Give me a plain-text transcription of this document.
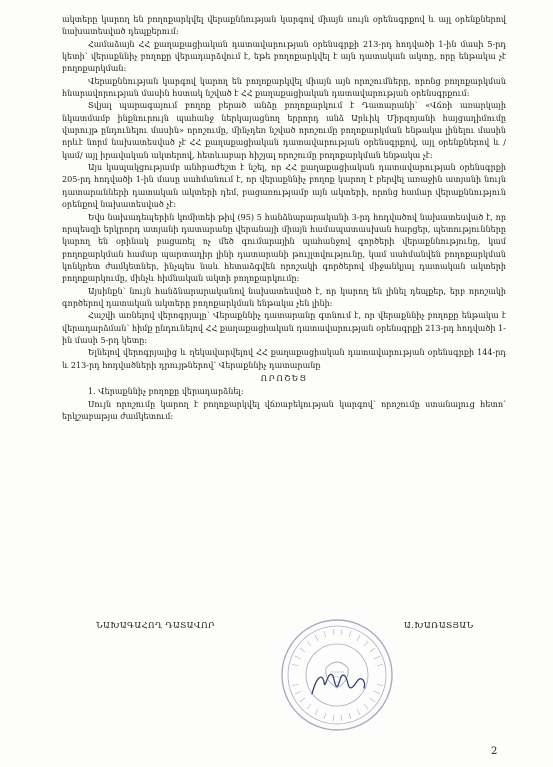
ակտերը կարող են բողոքարկվել վերաքննության կարգով միայն սույն օրենսգրքով և այլ օրենքներով նախատեսված դեպքերում:

Համաձայն ՀՀ քաղաքացիական դատավարության օրենսգրքի 213-րդ հոդվածի 1-ին մասի 5-րդ կետի՝ վերաքննիչ բողոքը վերադարձվում է, եթե բողոքարկվել է այն դատական ակտը, որը ենթակա չէ բողոքարկման:

Վերաքննության կարգով կարող են բողոքարկվել միայն այն որոշումները, որոնց բողոքարկման հնարավորության մասին հստակ նշված է ՀՀ քաղաքացիական դատավարության օրենսգրքում:

Տվյալ պարագայում բողոք բերած անձը բողոքարկում է Դատարանի՝ «Վճռի առարկայի նկատմամբ ինքնուրույն պահանջ ներկայացնող երրորդ անձ Արևիկ Միրզոյանի հայցադիմումը վարույթ ընդունելու մասին» որոշումը, մինչդեռ նշված որոշումը բողոքարկման ենթակա լինելու մասին որևէ նորմ նախատեսված չէ ՀՀ քաղաքացիական դատավարության օրենսգրքով, այլ օրենքներով և /կամ/ այլ իրավական ակտերով, հետևաբար հիշյալ որոշումը բողոքարկման ենթակա չէ:

Այս կապակցությամբ անհրաժեշտ է նշել, որ ՀՀ քաղաքացիական դատավարության օրենսգրքի 205-րդ հոդվածի 1-ին մասը սահմանում է, որ վերաքննիչ բողոք կարող է բերվել առաջին ատյանի նույն դատարանների դատական ակտերի դեմ, բացառությամբ այն ակտերի, որոնց համար վերաքննություն օրենքով նախատեսված չէ:

Եվս նախադեպերին կոմիտեի թիվ (95) 5 հանձնարարականի 3-րդ հոդվածով նախատեսված է, որ որպեսզի երկրորդ ատյանի դատարանը վերանայի միայն համապատասխան հարցեր, պետությունները կարող են օրինակ բացառել ոչ մեծ գումարային պահանջով գործերի վերաքննությունը, կամ բողոքարկման համար պարտադիր լինի դատարանի թույլտվությունը, կամ սահմանվեն բողոքարկման կոնկրետ ժամկետներ, ինչպես նաև հետաձգվեն որոշակի գործերով միջանկյալ դատական ակտերի բողոքարկումը, մինչև հիմնական ակտի բողոքարկումը:

Այսինքն՝ նույն հանձնարարականով նախատեսված է, որ կարող են լինել դեպքեր, երբ որոշակի գործերով դատական ակտերը բողոքարկման ենթակա չեն լինի:

Հաշվի առնելով վերոգրյալը՝ Վերաքննիչ դատարանը գտնում է, որ վերաքննիչ բողոքը ենթակա է վերադարձման՝ հիմք ընդունելով ՀՀ քաղաքացիական դատավարության օրենսգրքի 213-րդ հոդվածի 1-ին մասի 5-րդ կետը:

Ելնելով վերոգրյալից և ղեկավարվելով ՀՀ քաղաքացիական դատավարության օրենսգրքի 144-րդ և 213-րդ հոդվածների դրույթներով՝ Վերաքննիչ դատարանը

ՈՐՈՇԵՑ

1. Վերաքննիչ բողոքը վերադարձնել:

Սույն որոշումը կարող է բողոքարկվել վճռաբեկության կարգով՝ որոշումը ստանալուց հետո՝ երկշաբաթյա ժամկետում:

ՆԱԽԱԳԱՀՈՂ ԴԱՏԱՎՈՐ	Ա.ԽԱՌԱՏՅԱՆ
2
